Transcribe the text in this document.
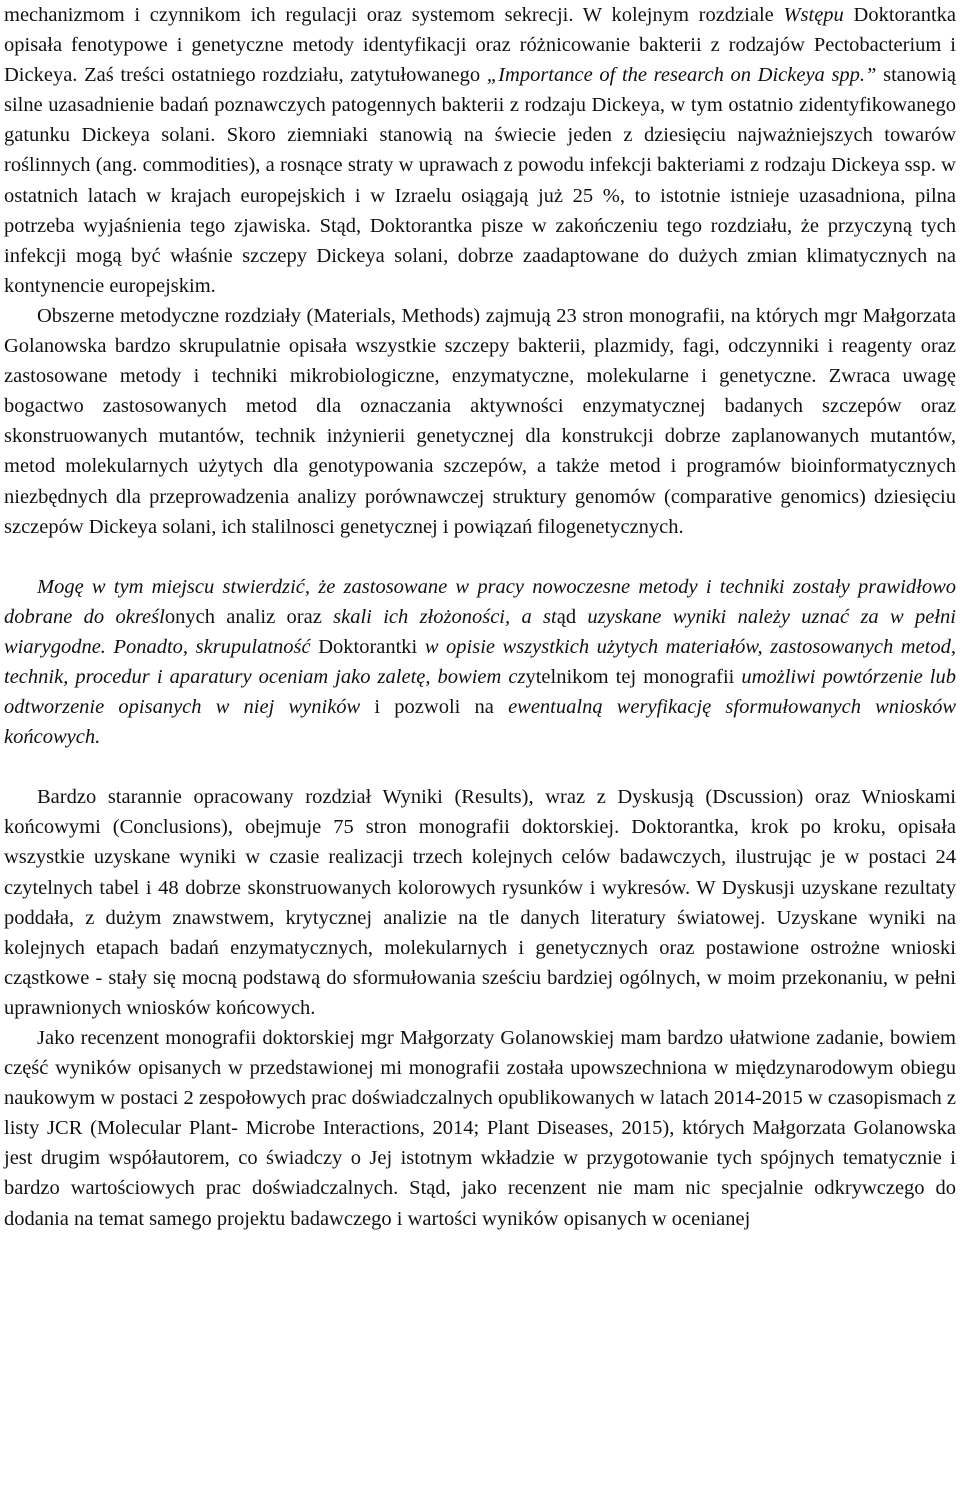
mechanizmom i czynnikom ich regulacji oraz systemom sekrecji. W kolejnym rozdziale Wstępu Doktorantka opisała fenotypowe i genetyczne metody identyfikacji oraz różnicowanie bakterii z rodzajów Pectobacterium i Dickeya. Zaś treści ostatniego rozdziału, zatytułowanego „Importance of the research on Dickeya spp.” stanowią silne uzasadnienie badań poznawczych patogennych bakterii z rodzaju Dickeya, w tym ostatnio zidentyfikowanego gatunku Dickeya solani. Skoro ziemniaki stanowią na świecie jeden z dziesięciu najważniejszych towarów roślinnych (ang. commodities), a rosnące straty w uprawach z powodu infekcji bakteriami z rodzaju Dickeya ssp. w ostatnich latach w krajach europejskich i w Izraelu osiągają już 25 %, to istotnie istnieje uzasadniona, pilna potrzeba wyjaśnienia tego zjawiska. Stąd, Doktorantka pisze w zakończeniu tego rozdziału, że przyczyną tych infekcji mogą być właśnie szczepy Dickeya solani, dobrze zaadaptowane do dużych zmian klimatycznych na kontynencie europejskim.

Obszerne metodyczne rozdziały (Materials, Methods) zajmują 23 stron monografii, na których mgr Małgorzata Golanowska bardzo skrupulatnie opisała wszystkie szczepy bakterii, plazmidy, fagi, odczynniki i reagenty oraz zastosowane metody i techniki mikrobiologiczne, enzymatyczne, molekularne i genetyczne. Zwraca uwagę bogactwo zastosowanych metod dla oznaczania aktywności enzymatycznej badanych szczepów oraz skonstruowanych mutantów, technik inżynierii genetycznej dla konstrukcji dobrze zaplanowanych mutantów, metod molekularnych użytych dla genotypowania szczepów, a także metod i programów bioinformatycznych niezbędnych dla przeprowadzenia analizy porównawczej struktury genomów (comparative genomics) dziesięciu szczepów Dickeya solani, ich stalilnosci genetycznej i powiązań filogenetycznych.

Mogę w tym miejscu stwierdzić, że zastosowane w pracy nowoczesne metody i techniki zostały prawidłowo dobrane do określonych analiz oraz skali ich złożoności, a stąd uzyskane wyniki należy uznać za w pełni wiarygodne. Ponadto, skrupulatność Doktorantki w opisie wszystkich użytych materiałów, zastosowanych metod, technik, procedur i aparatury oceniam jako zaletę, bowiem czytelnikom tej monografii umożliwi powtórzenie lub odtworzenie opisanych w niej wyników i pozwoli na ewentualną weryfikację sformułowanych wniosków końcowych.

Bardzo starannie opracowany rozdział Wyniki (Results), wraz z Dyskusją (Dscussion) oraz Wnioskami końcowymi (Conclusions), obejmuje 75 stron monografii doktorskiej. Doktorantka, krok po kroku, opisała wszystkie uzyskane wyniki w czasie realizacji trzech kolejnych celów badawczych, ilustrując je w postaci 24 czytelnych tabel i 48 dobrze skonstruowanych kolorowych rysunków i wykresów. W Dyskusji uzyskane rezultaty poddała, z dużym znawstwem, krytycznej analizie na tle danych literatury światowej. Uzyskane wyniki na kolejnych etapach badań enzymatycznych, molekularnych i genetycznych oraz postawione ostrożne wnioski cząstkowe - stały się mocną podstawą do sformułowania sześciu bardziej ogólnych, w moim przekonaniu, w pełni uprawnionych wniosków końcowych.

Jako recenzent monografii doktorskiej mgr Małgorzaty Golanowskiej mam bardzo ułatwione zadanie, bowiem część wyników opisanych w przedstawionej mi monografii została upowszechniona w międzynarodowym obiegu naukowym w postaci 2 zespołowych prac doświadczalnych opublikowanych w latach 2014-2015 w czasopismach z listy JCR (Molecular Plant- Microbe Interactions, 2014; Plant Diseases, 2015), których Małgorzata Golanowska jest drugim współautorem, co świadczy o Jej istotnym wkładzie w przygotowanie tych spójnych tematycznie i bardzo wartościowych prac doświadczalnych. Stąd, jako recenzent nie mam nic specjalnie odkrywczego do dodania na temat samego projektu badawczego i wartości wyników opisanych w ocenianej
